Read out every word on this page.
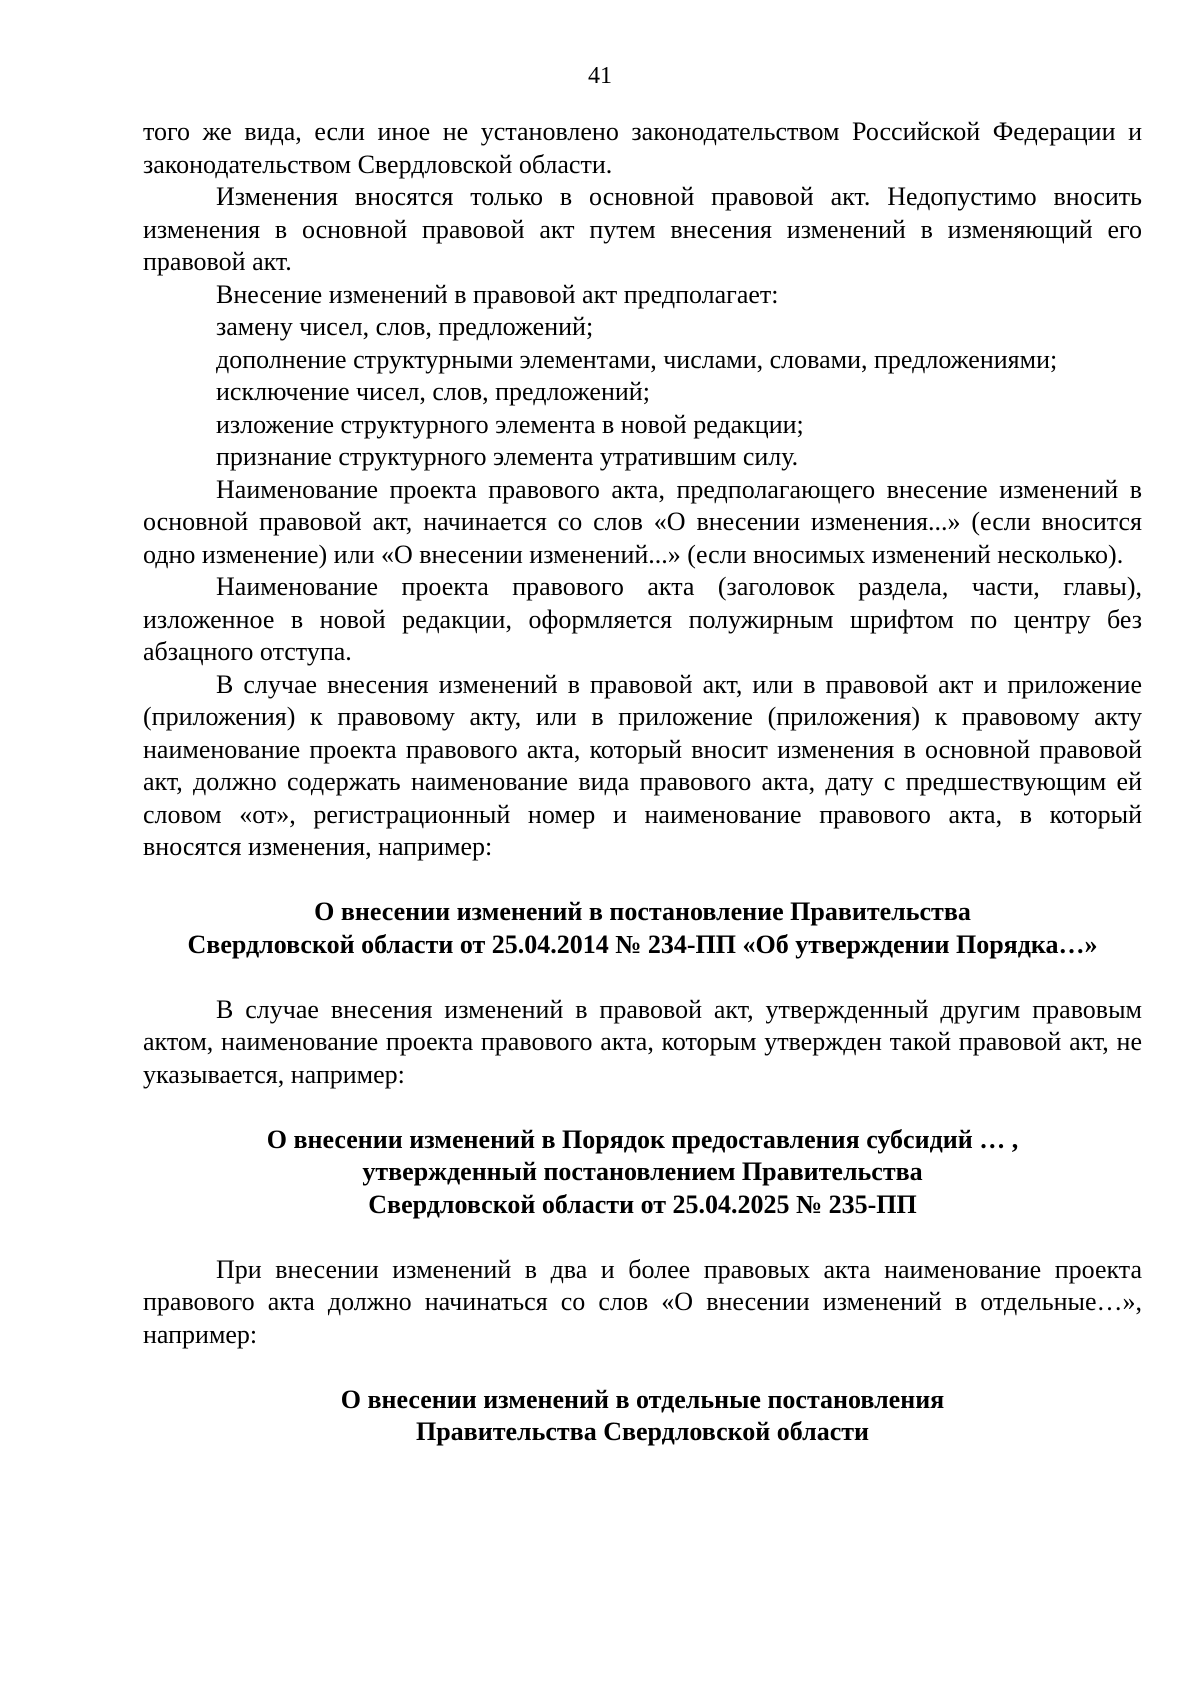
41

того же вида, если иное не установлено законодательством Российской Федерации и законодательством Свердловской области.

Изменения вносятся только в основной правовой акт. Недопустимо вносить изменения в основной правовой акт путем внесения изменений в изменяющий его правовой акт.

Внесение изменений в правовой акт предполагает:

замену чисел, слов, предложений;

дополнение структурными элементами, числами, словами, предложениями;

исключение чисел, слов, предложений;

изложение структурного элемента в новой редакции;

признание структурного элемента утратившим силу.

Наименование проекта правового акта, предполагающего внесение изменений в основной правовой акт, начинается со слов «О внесении изменения...» (если вносится одно изменение) или «О внесении изменений...» (если вносимых изменений несколько).

Наименование проекта правового акта (заголовок раздела, части, главы), изложенное в новой редакции, оформляется полужирным шрифтом по центру без абзацного отступа.

В случае внесения изменений в правовой акт, или в правовой акт и приложение (приложения) к правовому акту, или в приложение (приложения) к правовому акту наименование проекта правового акта, который вносит изменения в основной правовой акт, должно содержать наименование вида правового акта, дату с предшествующим ей словом «от», регистрационный номер и наименование правового акта, в который вносятся изменения, например:

О внесении изменений в постановление Правительства
Свердловской области от 25.04.2014 № 234-ПП «Об утверждении Порядка…»

В случае внесения изменений в правовой акт, утвержденный другим правовым актом, наименование проекта правового акта, которым утвержден такой правовой акт, не указывается, например:

О внесении изменений в Порядок предоставления субсидий … ,
утвержденный постановлением Правительства
Свердловской области от 25.04.2025 № 235-ПП

При внесении изменений в два и более правовых акта наименование проекта правового акта должно начинаться со слов «О внесении изменений в отдельные…», например:

О внесении изменений в отдельные постановления
Правительства Свердловской области
